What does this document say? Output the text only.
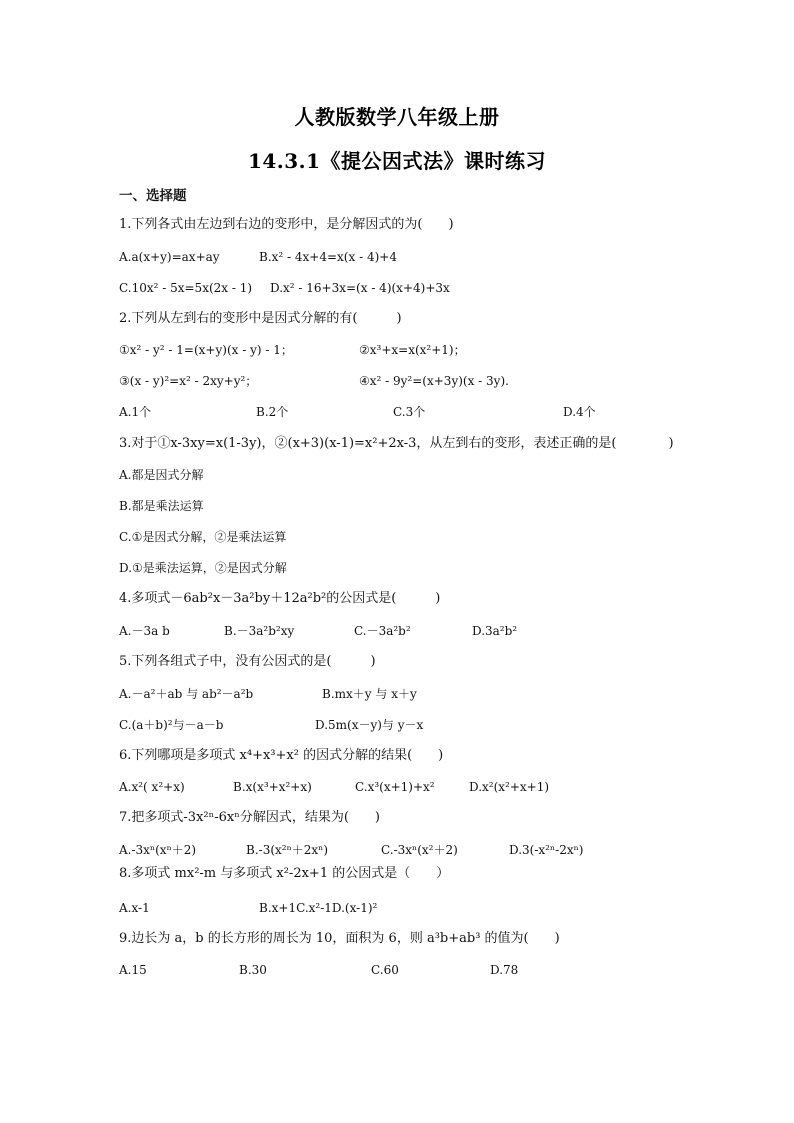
人教版数学八年级上册
14.3.1《提公因式法》课时练习
一、选择题
1.下列各式由左边到右边的变形中，是分解因式的为(　　)
A.a(x+y)=ax+ay	B.x² - 4x+4=x(x - 4)+4
C.10x² - 5x=5x(2x - 1) D.x² - 16+3x=(x - 4)(x+4)+3x
2.下列从左到右的变形中是因式分解的有(　　　)
①x² - y² - 1=(x+y)(x - y) - 1；	②x³+x=x(x²+1)；
③(x - y)²=x² - 2xy+y²；	④x² - 9y²=(x+3y)(x - 3y).
A.1个	B.2个	C.3个	D.4个
3.对于①x-3xy=x(1-3y)，②(x+3)(x-1)=x²+2x-3，从左到右的变形，表述正确的是(　　　　)
A.都是因式分解
B.都是乘法运算
C.①是因式分解，②是乘法运算
D.①是乘法运算，②是因式分解
4.多项式－6ab²x－3a²by＋12a²b²的公因式是(　　　)
A.－3a b	B.－3a²b²xy	C.－3a²b²	D.3a²b²
5.下列各组式子中，没有公因式的是(　　　)
A.－a²＋ab 与 ab²－a²b	B.mx＋y 与 x＋y
C.(a＋b)²与－a－b	D.5m(x－y)与 y－x
6.下列哪项是多项式 x⁴+x³+x² 的因式分解的结果(　　)
A.x²( x²+x)	B.x(x³+x²+x)	C.x³(x+1)+x²	D.x²(x²+x+1)
7.把多项式-3x²ⁿ-6xⁿ分解因式，结果为(　　)
A.-3xⁿ(xⁿ＋2)	B.-3(x²ⁿ＋2xⁿ)	C.-3xⁿ(x²＋2)	D.3(-x²ⁿ-2xⁿ)
8.多项式 mx²-m 与多项式 x²-2x+1 的公因式是（　　）
A.x-1	B.x+1C.x²-1D.(x-1)²
9.边长为 a，b 的长方形的周长为 10，面积为 6，则 a³b+ab³ 的值为(　　)
A.15	B.30	C.60	D.78
